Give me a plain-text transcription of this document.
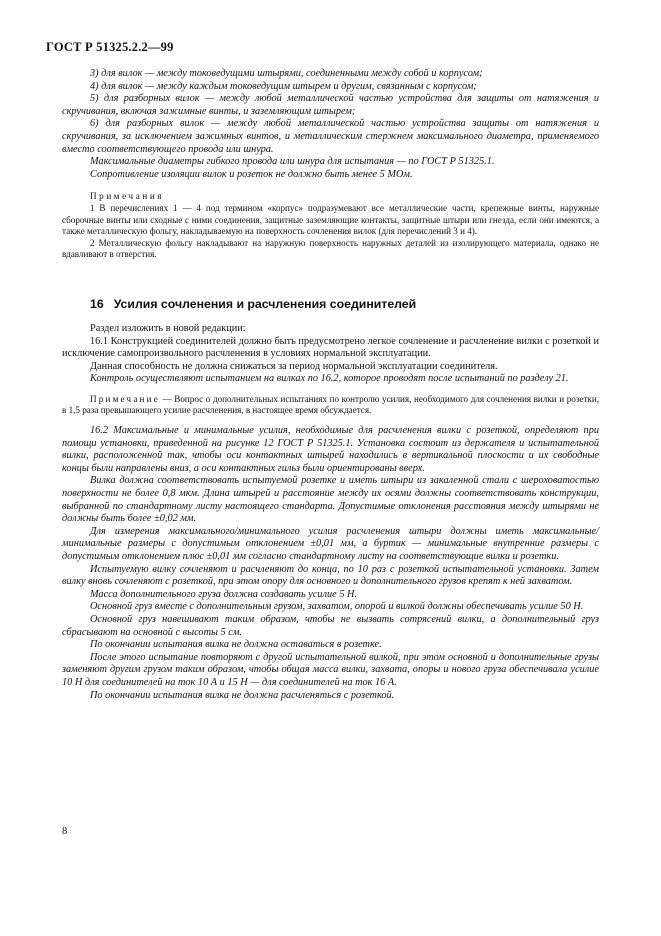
ГОСТ Р 51325.2.2—99

3) для вилок — между токоведущими штырями, соединенными между собой и корпусом;

4) для вилок — между каждым токоведущим штырем и другим, связанным с корпусом;

5) для разборных вилок — между любой металлической частью устройства для защиты от натяжения и скручивания, включая зажимные винты, и заземляющим штырем;

6) для разборных вилок — между любой металлической частью устройства защиты от натяжения и скручивания, за исключением зажимных винтов, и металлическим стержнем максимального диаметра, применяемого вместо соответствующего провода или шнура.

Максимальные диаметры гибкого провода или шнура для испытания — по ГОСТ Р 51325.1.

Сопротивление изоляции вилок и розеток не должно быть менее 5 МОм.

Примечания

1 В перечислениях 1 — 4 под термином «корпус» подразумевают все металлические части, крепежные винты, наружные сборочные винты или сходные с ними соединения, защитные заземляющие контакты, защитные штыри или гнезда, если они имеются, а также металлическую фольгу, накладываемую на поверхность сочленения вилок (для перечислений 3 и 4).

2 Металлическую фольгу накладывают на наружную поверхность наружных деталей из изолирующего материала, однако не вдавливают в отверстия.

16 Усилия сочленения и расчленения соединителей

Раздел изложить в новой редакции:

16.1 Конструкцией соединителей должно быть предусмотрено легкое сочленение и расчленение вилки с розеткой и исключение самопроизвольного расчленения в условиях нормальной эксплуатации.

Данная способность не должна снижаться за период нормальной эксплуатации соединителя.

Контроль осуществляют испытанием на вилках по 16.2, которое проводят после испытаний по разделу 21.

Примечание — Вопрос о дополнительных испытаниях по контролю усилия, необходимого для сочленения вилки и розетки, в 1,5 раза превышающего усилие расчленения, в настоящее время обсуждается.

16.2 Максимальные и минимальные усилия, необходимые для расчленения вилки с розеткой, определяют при помощи установки, приведенной на рисунке 12 ГОСТ Р 51325.1. Установка состоит из держателя и испытательной вилки, расположенной так, чтобы оси контактных штырей находились в вертикальной плоскости и их свободные концы были направлены вниз, а оси контактных гильз были ориентированы вверх.

Вилка должна соответствовать испытуемой розетке и иметь штыри из закаленной стали с шероховатостью поверхности не более 0,8 мкм. Длина штырей и расстояние между их осями должны соответствовать конструкции, выбранной по стандартному листу настоящего стандарта. Допустимые отклонения расстояния между штырями не должны быть более ±0,02 мм.

Для измерения максимального/минимального усилия расчленения штыри должны иметь максимальные/минимальные размеры с допустимым отклонением ±0,01 мм, а буртик — минимальные внутренние размеры с допустимым отклонением плюс ±0,01 мм согласно стандартному листу на соответствующие вилки и розетки.

Испытуемую вилку сочленяют и расчленяют до конца, по 10 раз с розеткой испытательной установки. Затем вилку вновь сочленяют с розеткой, при этом опору для основного и дополнительного грузов крепят к ней захватом.

Масса дополнительного груза должна создавать усилие 5 Н.

Основной груз вместе с дополнительным грузом, захватом, опорой и вилкой должны обеспечивать усилие 50 Н.

Основной груз навешивают таким образом, чтобы не вызвать сотрясений вилки, а дополнительный груз сбрасывают на основной с высоты 5 см.

По окончании испытания вилка не должна оставаться в розетке.

После этого испытание повторяют с другой испытательной вилкой, при этом основной и дополнительные грузы заменяют другим грузом таким образом, чтобы общая масса вилки, захвата, опоры и нового груза обеспечивала усилие 10 Н для соединителей на ток 10 А и 15 Н — для соединителей на ток 16 А.

По окончании испытания вилка не должна расчленяться с розеткой.

8
